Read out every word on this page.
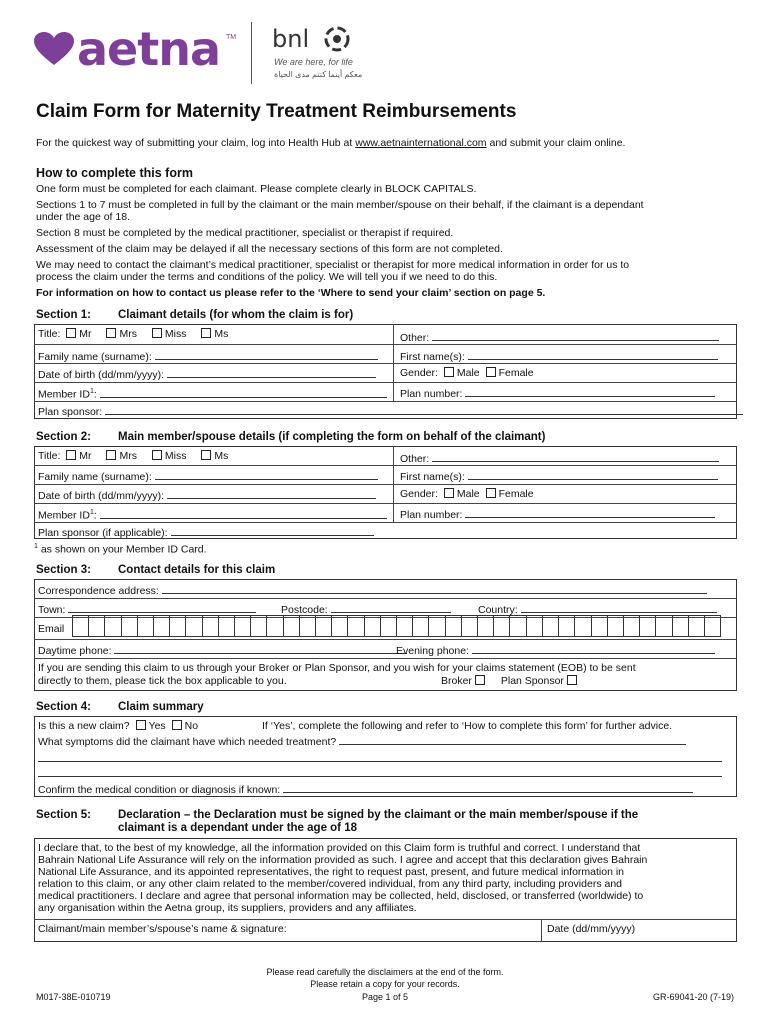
aetna TM bnl
We are here, for life
معكم أينما كنتم مدى الحياة
Claim Form for Maternity Treatment Reimbursements
For the quickest way of submitting your claim, log into Health Hub at www.aetnainternational.com and submit your claim online.
How to complete this form
One form must be completed for each claimant. Please complete clearly in BLOCK CAPITALS.
Sections 1 to 7 must be completed in full by the claimant or the main member/spouse on their behalf, if the claimant is a dependant
under the age of 18.
Section 8 must be completed by the medical practitioner, specialist or therapist if required.
Assessment of the claim may be delayed if all the necessary sections of this form are not completed.
We may need to contact the claimant’s medical practitioner, specialist or therapist for more medical information in order for us to
process the claim under the terms and conditions of the policy. We will tell you if we need to do this.
For information on how to contact us please refer to the ‘Where to send your claim’ section on page 5.
Section 1: Claimant details (for whom the claim is for)
Title: Mr	Mrs	Miss	Ms	Other:
Family name (surname):	First name(s):
Date of birth (dd/mm/yyyy):	Gender: Male Female
Member $ID^1$:	Plan number:
Plan sponsor:
Section 2: Main member/spouse details (if completing the form on behalf of the claimant)
Title: Mr	Mrs	Miss	Ms	Other:
Family name (surname):	First name(s):
Date of birth (dd/mm/yyyy):	Gender: Male Female
Member $ID^1$:	Plan number:
Plan sponsor (if applicable):
$^1$ as shown on your Member ID Card.
Section 3: Contact details for this claim
Correspondence address:
Town:	Postcode:	Country:
Email
Daytime phone:	Evening phone:
If you are sending this claim to us through your Broker or Plan Sponsor, and you wish for your claims statement (EOB) to be sent
directly to them, please tick the box applicable to you.	Broker	Plan Sponsor
Section 4: Claim summary
Is this a new claim? Yes No	If ‘Yes’, complete the following and refer to ‘How to complete this form’ for further advice.
What symptoms did the claimant have which needed treatment?
Confirm the medical condition or diagnosis if known:
Section 5: Declaration – the Declaration must be signed by the claimant or the main member/spouse if the
claimant is a dependant under the age of 18
I declare that, to the best of my knowledge, all the information provided on this Claim form is truthful and correct. I understand that
Bahrain National Life Assurance will rely on the information provided as such. I agree and accept that this declaration gives Bahrain
National Life Assurance, and its appointed representatives, the right to request past, present, and future medical information in
relation to this claim, or any other claim related to the member/covered individual, from any third party, including providers and
medical practitioners. I declare and agree that personal information may be collected, held, disclosed, or transferred (worldwide) to
any organisation within the Aetna group, its suppliers, providers and any affiliates.
Claimant/main member’s/spouse’s name & signature:	Date (dd/mm/yyyy)
Please read carefully the disclaimers at the end of the form.
Please retain a copy for your records.
Page 1 of 5
M017-38E-010719	GR-69041-20 (7-19)
